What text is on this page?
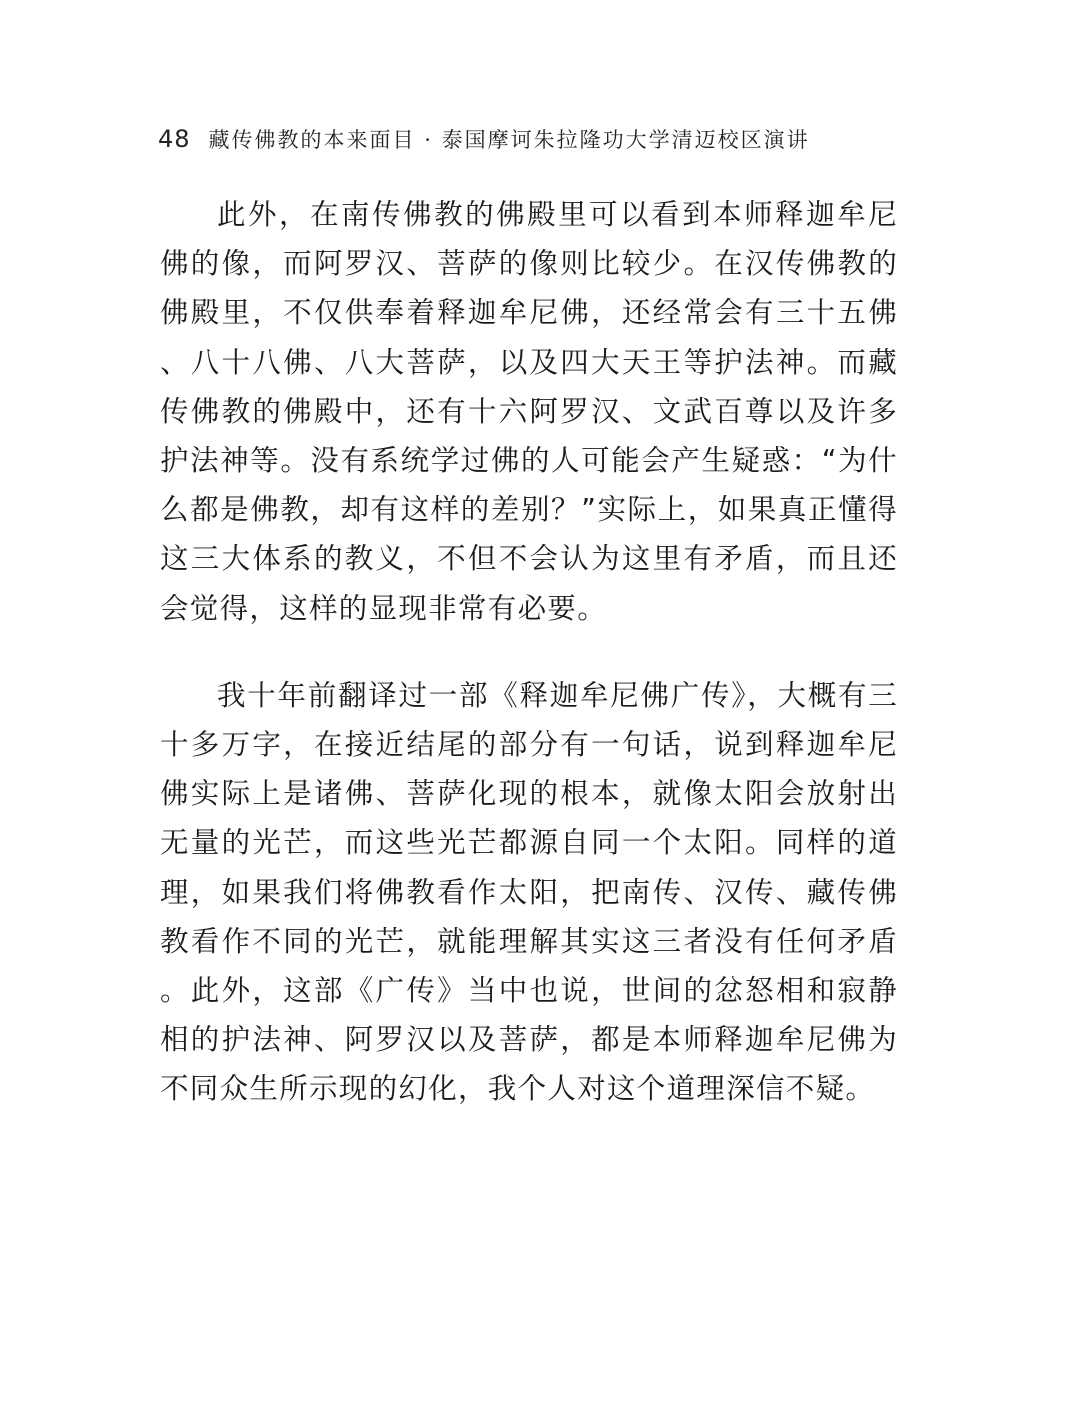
48 藏传佛教的本来面目 · 泰国摩诃朱拉隆功大学清迈校区演讲

此外，在南传佛教的佛殿里可以看到本师释迦牟尼佛的像，而阿罗汉、菩萨的像则比较少。在汉传佛教的佛殿里，不仅供奉着释迦牟尼佛，还经常会有三十五佛、八十八佛、八大菩萨，以及四大天王等护法神。而藏传佛教的佛殿中，还有十六阿罗汉、文武百尊以及许多护法神等。没有系统学过佛的人可能会产生疑惑：“为什么都是佛教，却有这样的差别？”实际上，如果真正懂得这三大体系的教义，不但不会认为这里有矛盾，而且还会觉得，这样的显现非常有必要。

我十年前翻译过一部《释迦牟尼佛广传》，大概有三十多万字，在接近结尾的部分有一句话，说到释迦牟尼佛实际上是诸佛、菩萨化现的根本，就像太阳会放射出无量的光芒，而这些光芒都源自同一个太阳。同样的道理，如果我们将佛教看作太阳，把南传、汉传、藏传佛教看作不同的光芒，就能理解其实这三者没有任何矛盾。此外，这部《广传》当中也说，世间的忿怒相和寂静相的护法神、阿罗汉以及菩萨，都是本师释迦牟尼佛为不同众生所示现的幻化，我个人对这个道理深信不疑。
